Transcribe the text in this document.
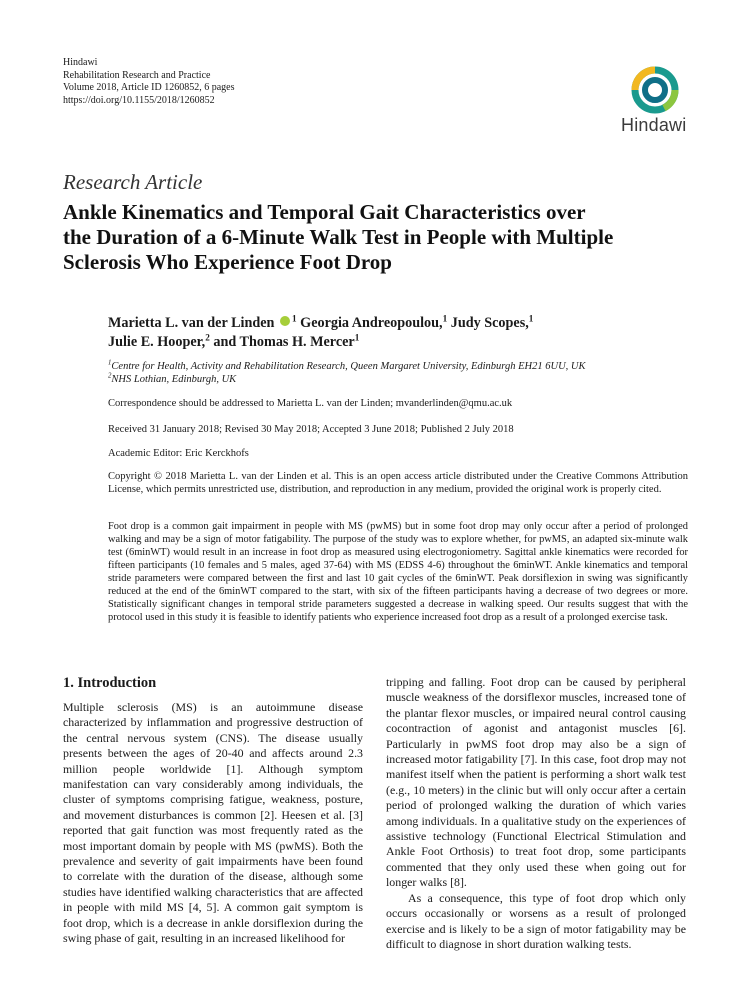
Hindawi
Rehabilitation Research and Practice
Volume 2018, Article ID 1260852, 6 pages
https://doi.org/10.1155/2018/1260852
Hindawi
Research Article
Ankle Kinematics and Temporal Gait Characteristics over
the Duration of a 6-Minute Walk Test in People with Multiple
Sclerosis Who Experience Foot Drop
Marietta L. van der Linden $^1$ Georgia Andreopoulou,$^1$ Judy Scopes,$^1$
Julie E. Hooper,$^2$ and Thomas H. Mercer$^1$
$^1$Centre for Health, Activity and Rehabilitation Research, Queen Margaret University, Edinburgh EH21 6UU, UK
$^2$NHS Lothian, Edinburgh, UK
Correspondence should be addressed to Marietta L. van der Linden; mvanderlinden@qmu.ac.uk
Received 31 January 2018; Revised 30 May 2018; Accepted 3 June 2018; Published 2 July 2018
Academic Editor: Eric Kerckhofs
Copyright © 2018 Marietta L. van der Linden et al. This is an open access article distributed under the Creative Commons Attribution License, which permits unrestricted use, distribution, and reproduction in any medium, provided the original work is properly cited.
Foot drop is a common gait impairment in people with MS (pwMS) but in some foot drop may only occur after a period of prolonged walking and may be a sign of motor fatigability. The purpose of the study was to explore whether, for pwMS, an adapted six-minute walk test (6minWT) would result in an increase in foot drop as measured using electrogoniometry. Sagittal ankle kinematics were recorded for fifteen participants (10 females and 5 males, aged 37-64) with MS (EDSS 4-6) throughout the 6minWT. Ankle kinematics and temporal stride parameters were compared between the first and last 10 gait cycles of the 6minWT. Peak dorsiflexion in swing was significantly reduced at the end of the 6minWT compared to the start, with six of the fifteen participants having a decrease of two degrees or more. Statistically significant changes in temporal stride parameters suggested a decrease in walking speed. Our results suggest that with the protocol used in this study it is feasible to identify patients who experience increased foot drop as a result of a prolonged exercise task.
1. Introduction

Multiple sclerosis (MS) is an autoimmune disease characterized by inflammation and progressive destruction of the central nervous system (CNS). The disease usually presents between the ages of 20-40 and affects around 2.3 million people worldwide [1]. Although symptom manifestation can vary considerably among individuals, the cluster of symptoms comprising fatigue, weakness, posture, and movement disturbances is common [2]. Heesen et al. [3] reported that gait function was most frequently rated as the most important domain by people with MS (pwMS). Both the prevalence and severity of gait impairments have been found to correlate with the duration of the disease, although some studies have identified walking characteristics that are affected in people with mild MS [4, 5]. A common gait symptom is foot drop, which is a decrease in ankle dorsiflexion during the swing phase of gait, resulting in an increased likelihood for

tripping and falling. Foot drop can be caused by peripheral muscle weakness of the dorsiflexor muscles, increased tone of the plantar flexor muscles, or impaired neural control causing cocontraction of agonist and antagonist muscles [6]. Particularly in pwMS foot drop may also be a sign of increased motor fatigability [7]. In this case, foot drop may not manifest itself when the patient is performing a short walk test (e.g., 10 meters) in the clinic but will only occur after a certain period of prolonged walking the duration of which varies among individuals. In a qualitative study on the experiences of assistive technology (Functional Electrical Stimulation and Ankle Foot Orthosis) to treat foot drop, some participants commented that they only used these when going out for longer walks [8].

As a consequence, this type of foot drop which only occurs occasionally or worsens as a result of prolonged exercise and is likely to be a sign of motor fatigability may be difficult to diagnose in short duration walking tests.
